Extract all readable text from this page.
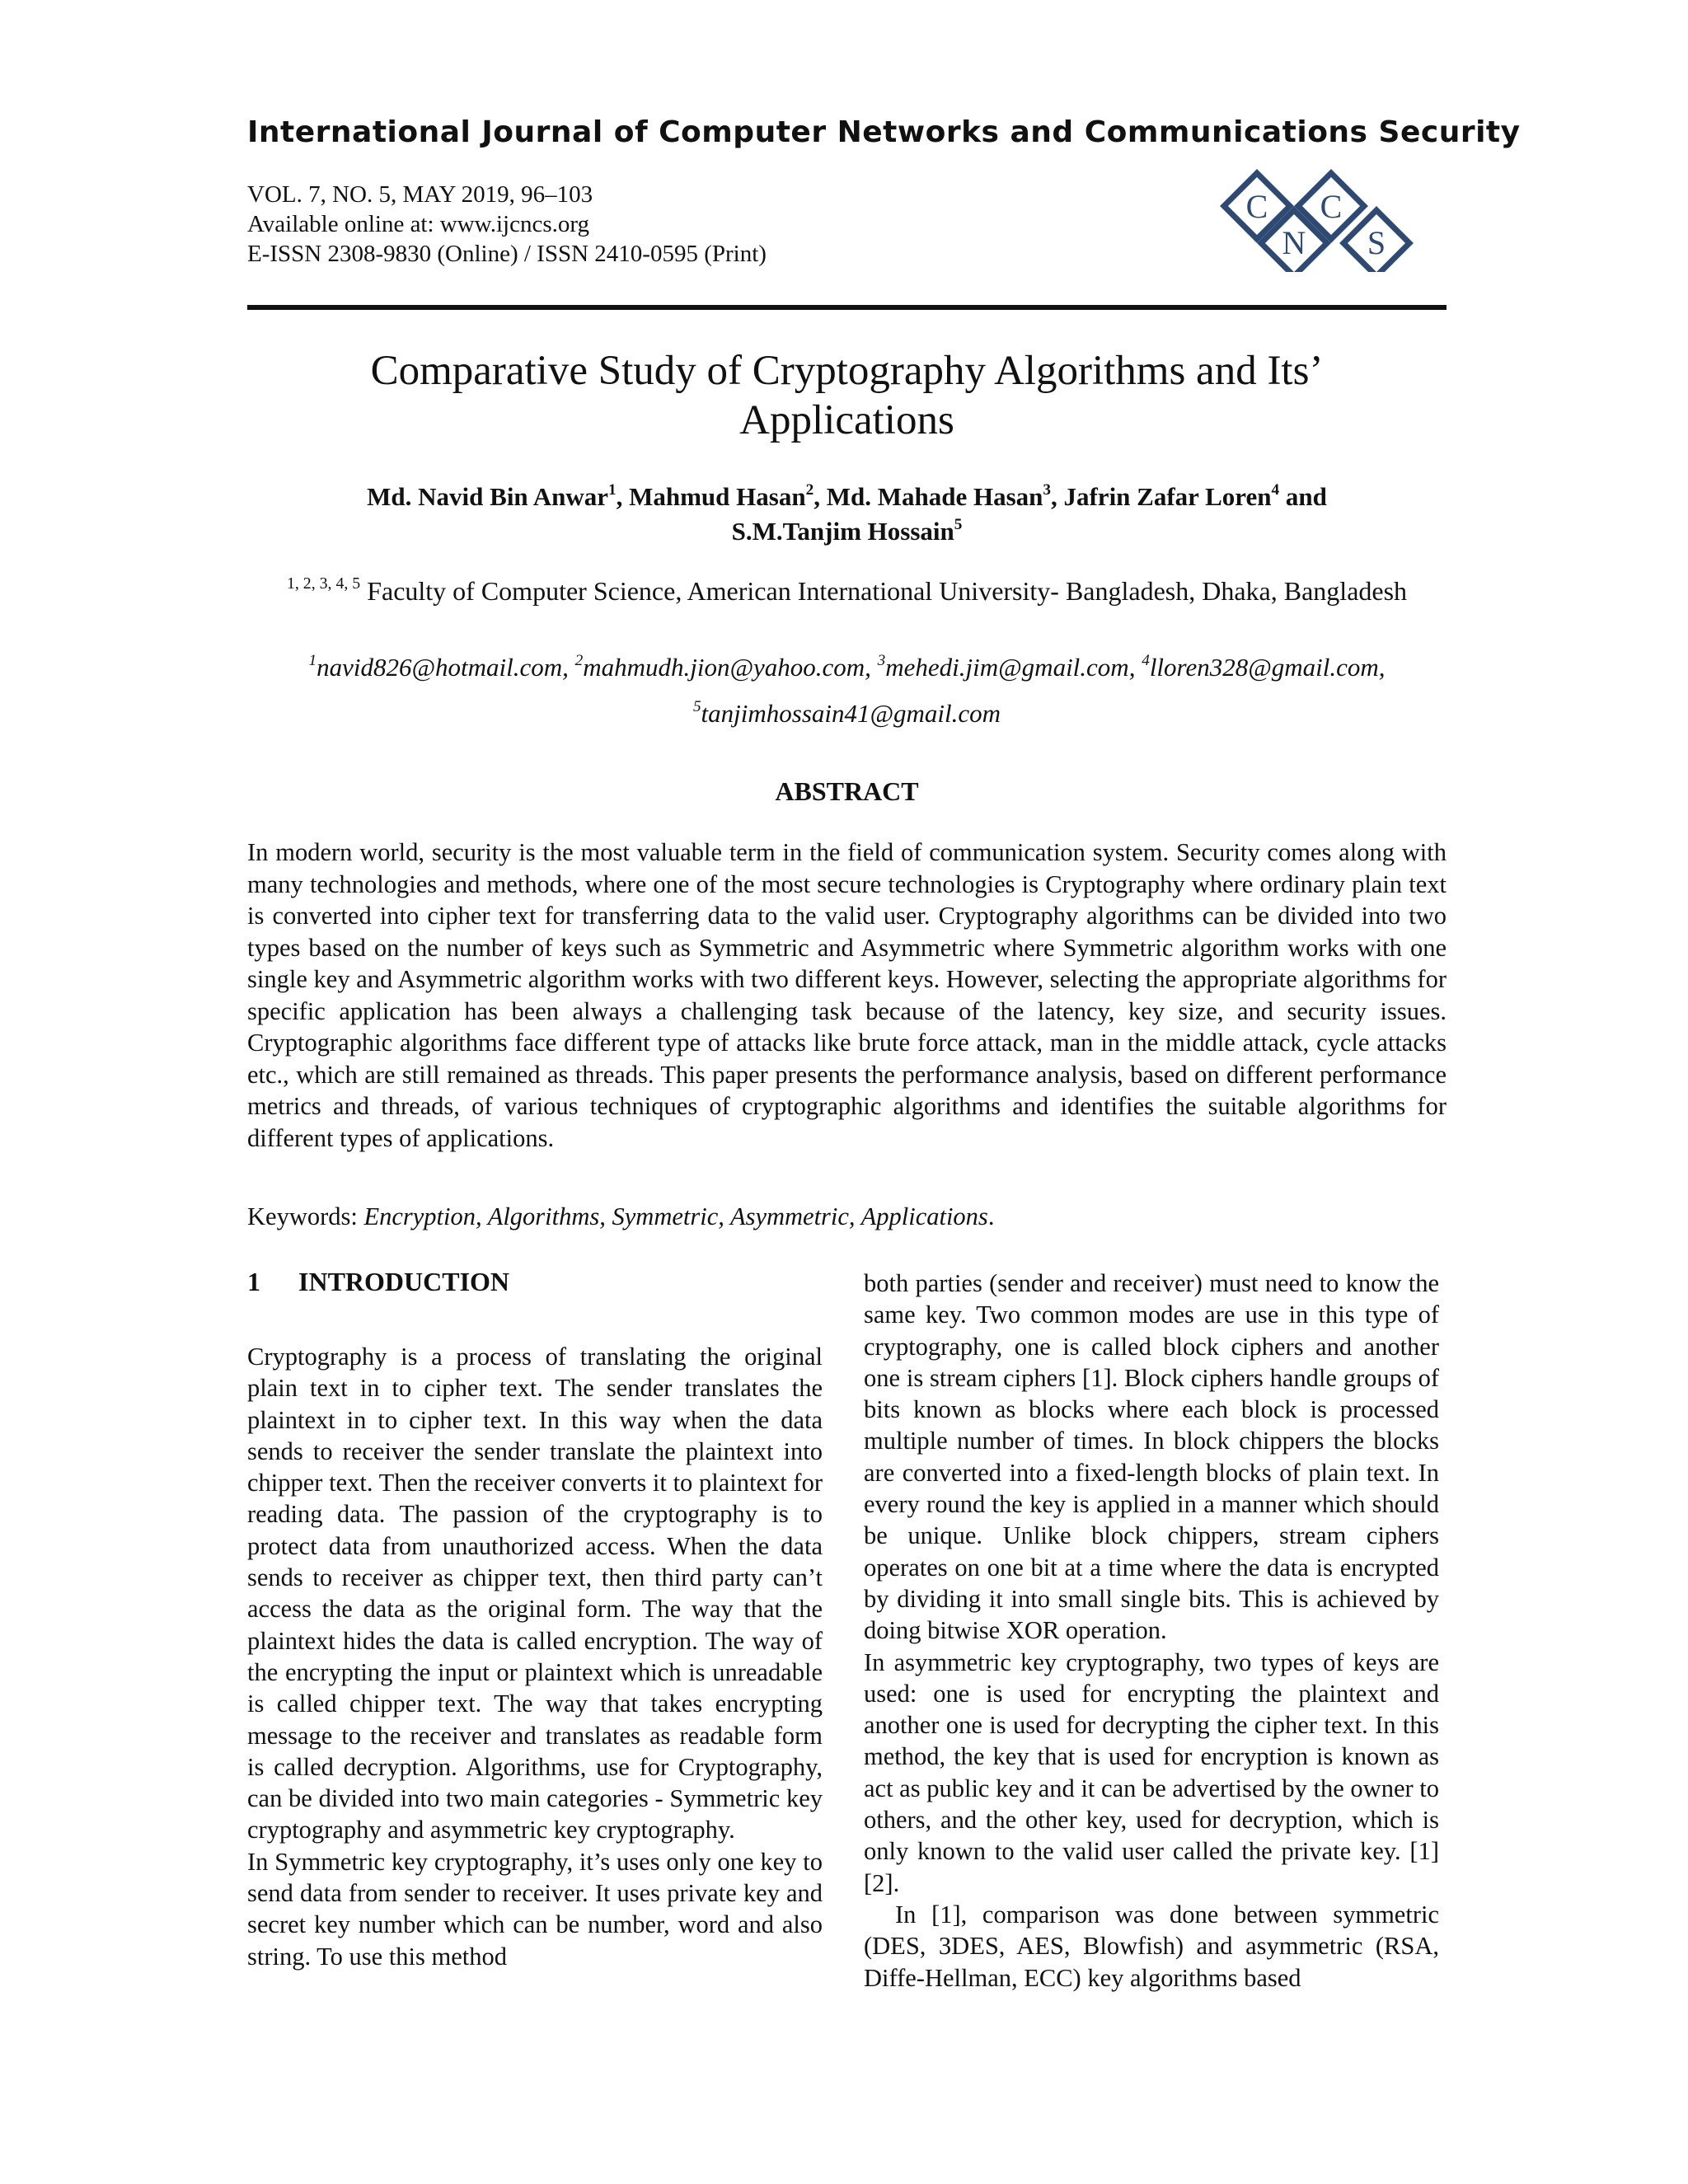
International Journal of Computer Networks and Communications Security
VOL. 7, NO. 5, MAY 2019, 96–103
Available online at: www.ijcncs.org
E-ISSN 2308-9830 (Online) / ISSN 2410-0595 (Print)
C
N
C
S
Comparative Study of Cryptography Algorithms and Its’
Applications
Md. Navid Bin Anwar$^1$, Mahmud Hasan$^2$, Md. Mahade Hasan$^3$, Jafrin Zafar Loren$^4$ and
S.M.Tanjim Hossain$^5$
$^{1, 2, 3, 4, 5}$ Faculty of Computer Science, American International University- Bangladesh, Dhaka, Bangladesh
$^1$navid826@hotmail.com, $^2$mahmudh.jion@yahoo.com, $^3$mehedi.jim@gmail.com, $^4$lloren328@gmail.com,
$^5$tanjimhossain41@gmail.com
ABSTRACT

In modern world, security is the most valuable term in the field of communication system. Security comes along with many technologies and methods, where one of the most secure technologies is Cryptography where ordinary plain text is converted into cipher text for transferring data to the valid user. Cryptography algorithms can be divided into two types based on the number of keys such as Symmetric and Asymmetric where Symmetric algorithm works with one single key and Asymmetric algorithm works with two different keys. However, selecting the appropriate algorithms for specific application has been always a challenging task because of the latency, key size, and security issues. Cryptographic algorithms face different type of attacks like brute force attack, man in the middle attack, cycle attacks etc., which are still remained as threads. This paper presents the performance analysis, based on different performance metrics and threads, of various techniques of cryptographic algorithms and identifies the suitable algorithms for different types of applications.

Keywords: Encryption, Algorithms, Symmetric, Asymmetric, Applications.
1 INTRODUCTION

Cryptography is a process of translating the original plain text in to cipher text. The sender translates the plaintext in to cipher text. In this way when the data sends to receiver the sender translate the plaintext into chipper text. Then the receiver converts it to plaintext for reading data. The passion of the cryptography is to protect data from unauthorized access. When the data sends to receiver as chipper text, then third party can’t access the data as the original form. The way that the plaintext hides the data is called encryption. The way of the encrypting the input or plaintext which is unreadable is called chipper text. The way that takes encrypting message to the receiver and translates as readable form is called decryption. Algorithms, use for Cryptography, can be divided into two main categories - Symmetric key cryptography and asymmetric key cryptography.

In Symmetric key cryptography, it’s uses only one key to send data from sender to receiver. It uses private key and secret key number which can be number, word and also string. To use this method

both parties (sender and receiver) must need to know the same key. Two common modes are use in this type of cryptography, one is called block ciphers and another one is stream ciphers [1]. Block ciphers handle groups of bits known as blocks where each block is processed multiple number of times. In block chippers the blocks are converted into a fixed-length blocks of plain text. In every round the key is applied in a manner which should be unique. Unlike block chippers, stream ciphers operates on one bit at a time where the data is encrypted by dividing it into small single bits. This is achieved by doing bitwise XOR operation.

In asymmetric key cryptography, two types of keys are used: one is used for encrypting the plaintext and another one is used for decrypting the cipher text. In this method, the key that is used for encryption is known as act as public key and it can be advertised by the owner to others, and the other key, used for decryption, which is only known to the valid user called the private key. [1][2].

In [1], comparison was done between symmetric (DES, 3DES, AES, Blowfish) and asymmetric (RSA, Diffe-Hellman, ECC) key algorithms based
